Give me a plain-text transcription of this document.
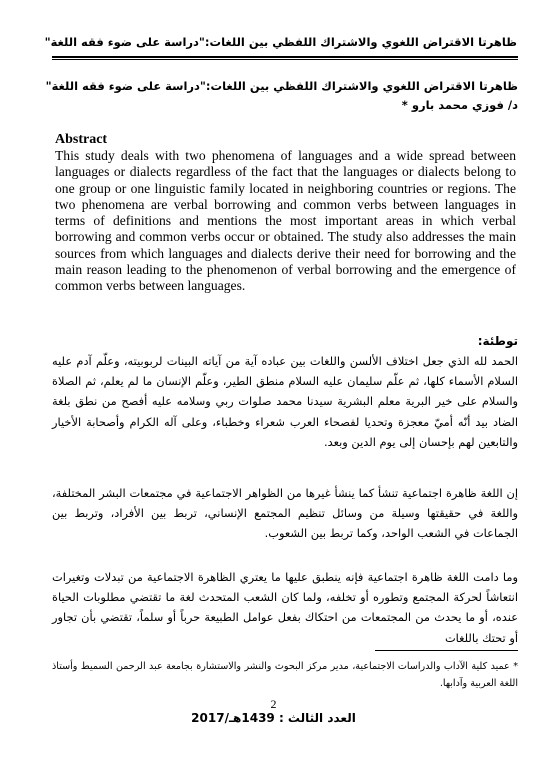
ظاهرتا الاقتراض اللغوي والاشتراك اللفظي بين اللغات:"دراسة على ضوء فقه اللغة"
ظاهرتا الاقتراض اللغوي والاشتراك اللفظي بين اللغات:"دراسة على ضوء فقه اللغة"
د/ فوزي محمد بارو *
Abstract
This study deals with two phenomena of languages and a wide spread between languages or dialects regardless of the fact that the languages or dialects belong to one group or one linguistic family located in neighboring countries or regions. The two phenomena are verbal borrowing and common verbs between languages in terms of definitions and mentions the most important areas in which verbal borrowing and common verbs occur or obtained. The study also addresses the main sources from which languages and dialects derive their need for borrowing and the main reason leading to the phenomenon of verbal borrowing and the emergence of common verbs between languages.
توطئة:
الحمد لله الذي جعل اختلاف الألسن واللغات بين عباده آية من آياته البينات لربوبيته، وعلّم آدم عليه السلام الأسماء كلها، ثم علّم سليمان عليه السلام منطق الطير، وعلّم الإنسان ما لم يعلم، ثم الصلاة والسلام على خير البرية معلم البشرية سيدنا محمد صلوات ربي وسلامه عليه أفصح من نطق بلغة الضاد بيد أنّه أميّ معجزة وتحديا لفصحاء العرب شعراء وخطباء، وعلى آله الكرام وأصحابة الأخيار والتابعين لهم بإحسان إلى يوم الدين وبعد.
إن اللغة ظاهرة اجتماعية تنشأ كما ينشأ غيرها من الظواهر الاجتماعية في مجتمعات البشر المختلفة، واللغة في حقيقتها وسيلة من وسائل تنظيم المجتمع الإنساني، تربط بين الأفراد، وتربط بين الجماعات في الشعب الواحد، وكما تربط بين الشعوب.
وما دامت اللغة ظاهرة اجتماعية فإنه ينطبق عليها ما يعتري الظاهرة الاجتماعية من تبدلات وتغيرات انتعاشاً لحركة المجتمع وتطوره أو تخلفه، ولما كان الشعب المتحدث لغة ما تقتضي مطلوبات الحياة عنده، أو ما يحدث من المجتمعات من احتكاك بفعل عوامل الطبيعة حرباً أو سلماً، تقتضي بأن تجاور أو تحتك باللغات
* عميد كلية الآداب والدراسات الاجتماعية، مدير مركز البحوث والنشر والاستشارة بجامعة عبد الرحمن السميط وأستاذ اللغة العربية وآدابها.
2
العدد الثالث : 1439هـ/2017
